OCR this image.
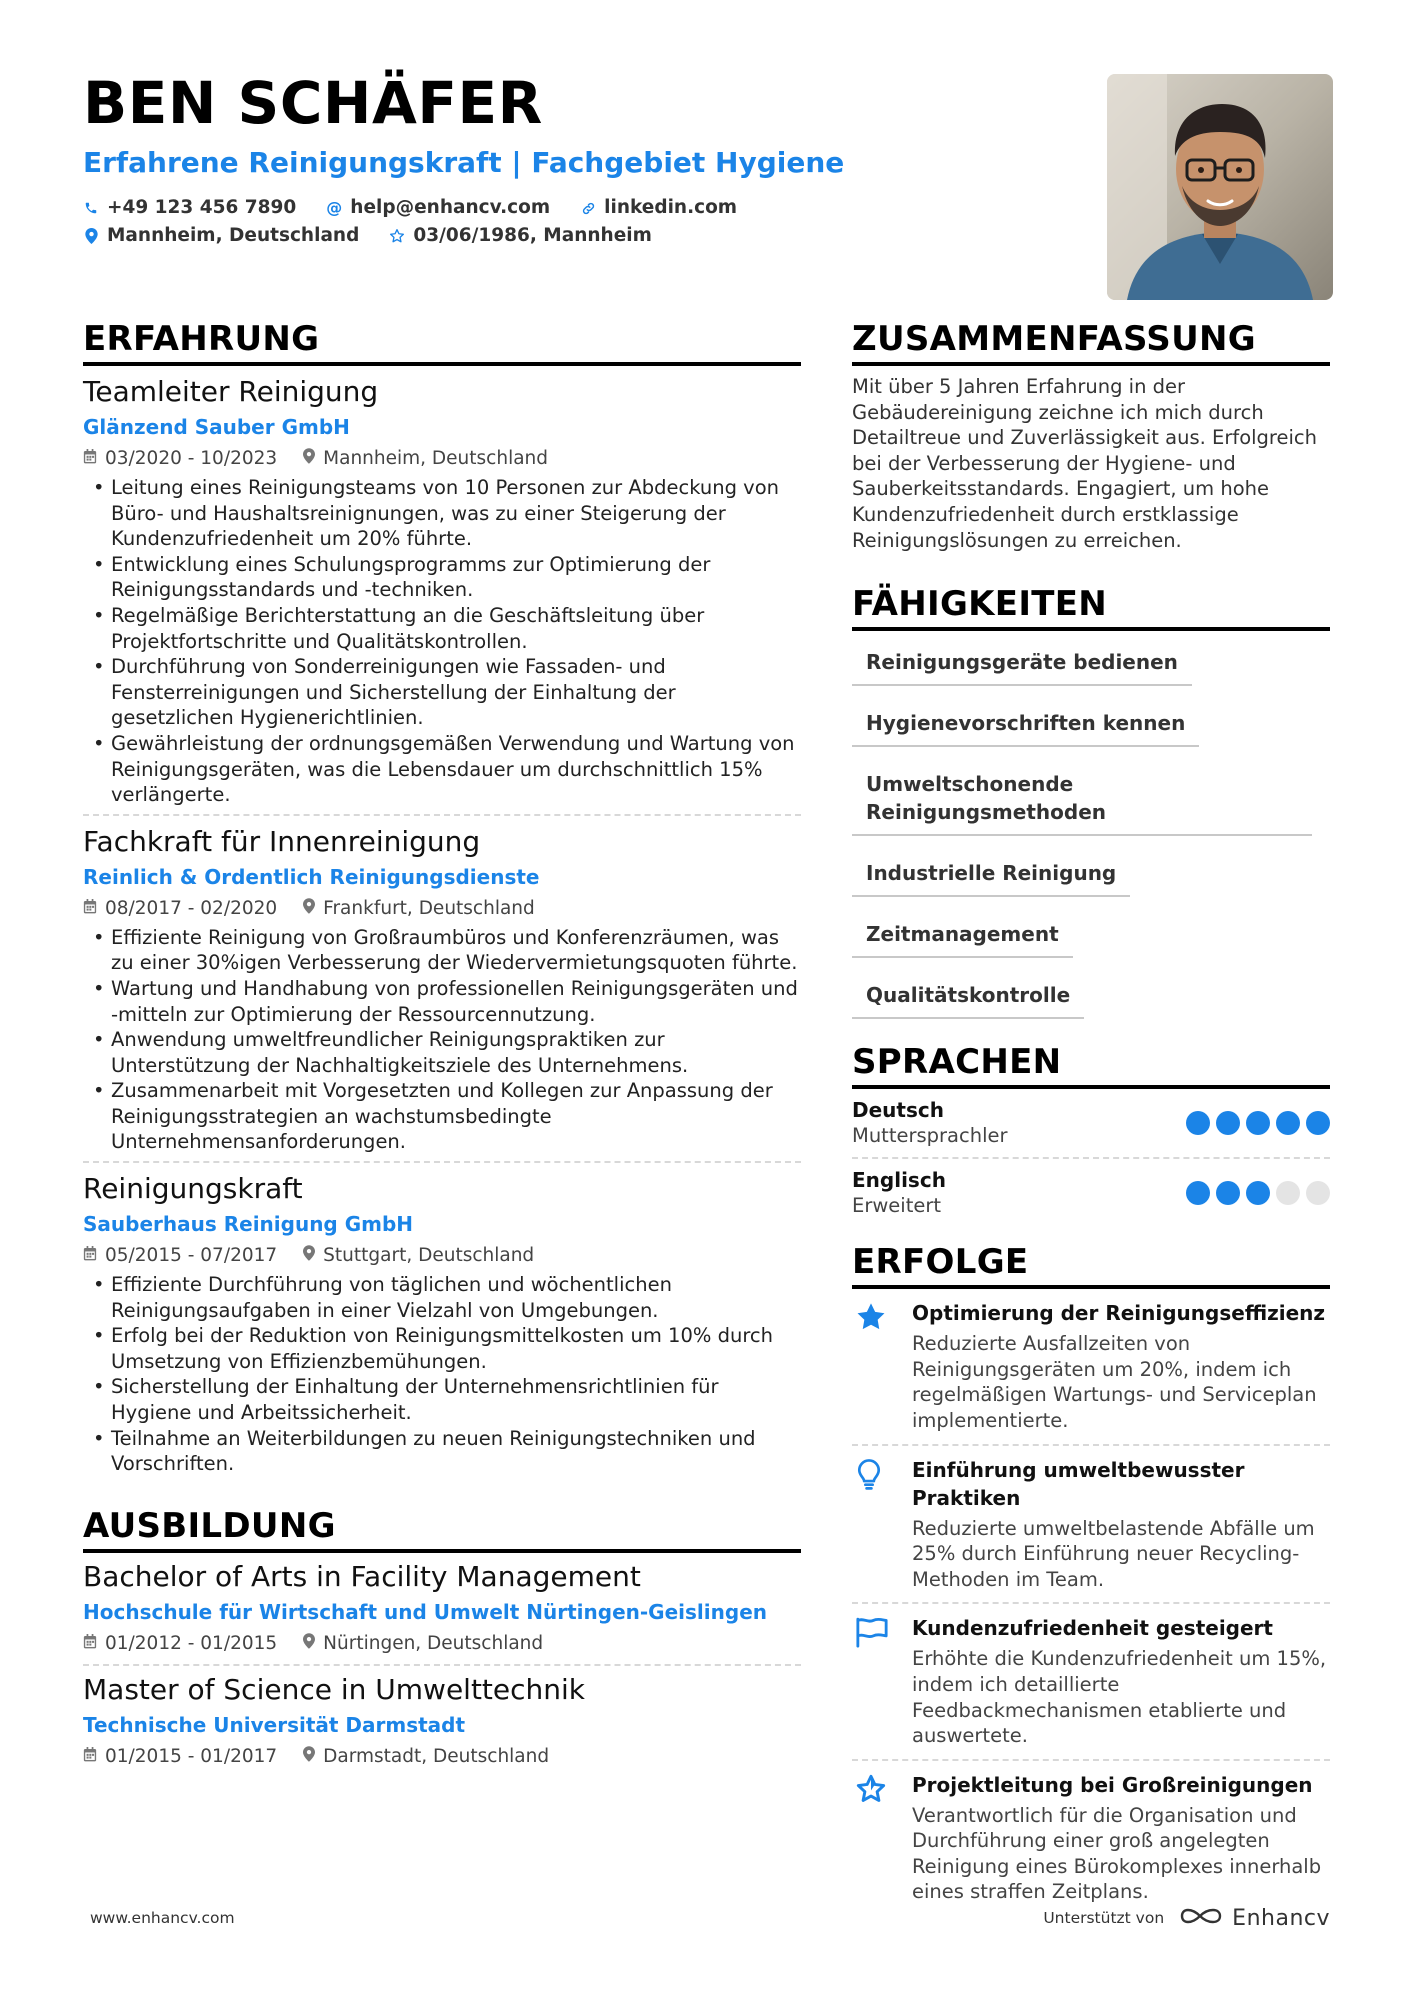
BEN SCHÄFER
Erfahrene Reinigungskraft | Fachgebiet Hygiene
+49 123 456 7890 @ help@enhancv.com	linkedin.com
Mannheim, Deutschland	03/06/1986, Mannheim
ERFAHRUNG
Teamleiter Reinigung
Glänzend Sauber GmbH
03/2020 - 10/2023 Mannheim, Deutschland
• Leitung eines Reinigungsteams von 10 Personen zur Abdeckung von Büro- und Haushaltsreinignungen, was zu einer Steigerung der Kundenzufriedenheit um 20% führte.
• Entwicklung eines Schulungsprogramms zur Optimierung der Reinigungsstandards und -techniken.
• Regelmäßige Berichterstattung an die Geschäftsleitung über Projektfortschritte und Qualitätskontrollen.
• Durchführung von Sonderreinigungen wie Fassaden- und Fensterreinigungen und Sicherstellung der Einhaltung der gesetzlichen Hygienerichtlinien.
• Gewährleistung der ordnungsgemäßen Verwendung und Wartung von Reinigungsgeräten, was die Lebensdauer um durchschnittlich 15% verlängerte.
Fachkraft für Innenreinigung
Reinlich & Ordentlich Reinigungsdienste
08/2017 - 02/2020 Frankfurt, Deutschland
• Effiziente Reinigung von Großraumbüros und Konferenzräumen, was zu einer 30%igen Verbesserung der Wiedervermietungsquoten führte.
• Wartung und Handhabung von professionellen Reinigungsgeräten und -mitteln zur Optimierung der Ressourcennutzung.
• Anwendung umweltfreundlicher Reinigungspraktiken zur Unterstützung der Nachhaltigkeitsziele des Unternehmens.
• Zusammenarbeit mit Vorgesetzten und Kollegen zur Anpassung der Reinigungsstrategien an wachstumsbedingte Unternehmensanforderungen.
Reinigungskraft
Sauberhaus Reinigung GmbH
05/2015 - 07/2017 Stuttgart, Deutschland
• Effiziente Durchführung von täglichen und wöchentlichen Reinigungsaufgaben in einer Vielzahl von Umgebungen.
• Erfolg bei der Reduktion von Reinigungsmittelkosten um 10% durch Umsetzung von Effizienzbemühungen.
• Sicherstellung der Einhaltung der Unternehmensrichtlinien für Hygiene und Arbeitssicherheit.
• Teilnahme an Weiterbildungen zu neuen Reinigungstechniken und Vorschriften.
AUSBILDUNG
Bachelor of Arts in Facility Management
Hochschule für Wirtschaft und Umwelt Nürtingen-Geislingen
01/2012 - 01/2015 Nürtingen, Deutschland
Master of Science in Umwelttechnik
Technische Universität Darmstadt
01/2015 - 01/2017 Darmstadt, Deutschland
ZUSAMMENFASSUNG
Mit über 5 Jahren Erfahrung in der Gebäudereinigung zeichne ich mich durch Detailtreue und Zuverlässigkeit aus. Erfolgreich bei der Verbesserung der Hygiene- und Sauberkeitsstandards. Engagiert, um hohe Kundenzufriedenheit durch erstklassige Reinigungslösungen zu erreichen.
FÄHIGKEITEN
Reinigungsgeräte bedienen
Hygienevorschriften kennen
Umweltschonende Reinigungsmethoden
Industrielle Reinigung
Zeitmanagement
Qualitätskontrolle
SPRACHEN
Deutsch
Muttersprachler
Englisch
Erweitert
ERFOLGE
Optimierung der Reinigungseffizienz
Reduzierte Ausfallzeiten von Reinigungsgeräten um 20%, indem ich regelmäßigen Wartungs- und Serviceplan implementierte.
Einführung umweltbewusster Praktiken
Reduzierte umweltbelastende Abfälle um 25% durch Einführung neuer Recycling-Methoden im Team.
Kundenzufriedenheit gesteigert
Erhöhte die Kundenzufriedenheit um 15%, indem ich detaillierte Feedbackmechanismen etablierte und auswertete.
Projektleitung bei Großreinigungen
Verantwortlich für die Organisation und Durchführung einer groß angelegten Reinigung eines Bürokomplexes innerhalb eines straffen Zeitplans.
www.enhancv.com	Unterstützt von	Enhancv
